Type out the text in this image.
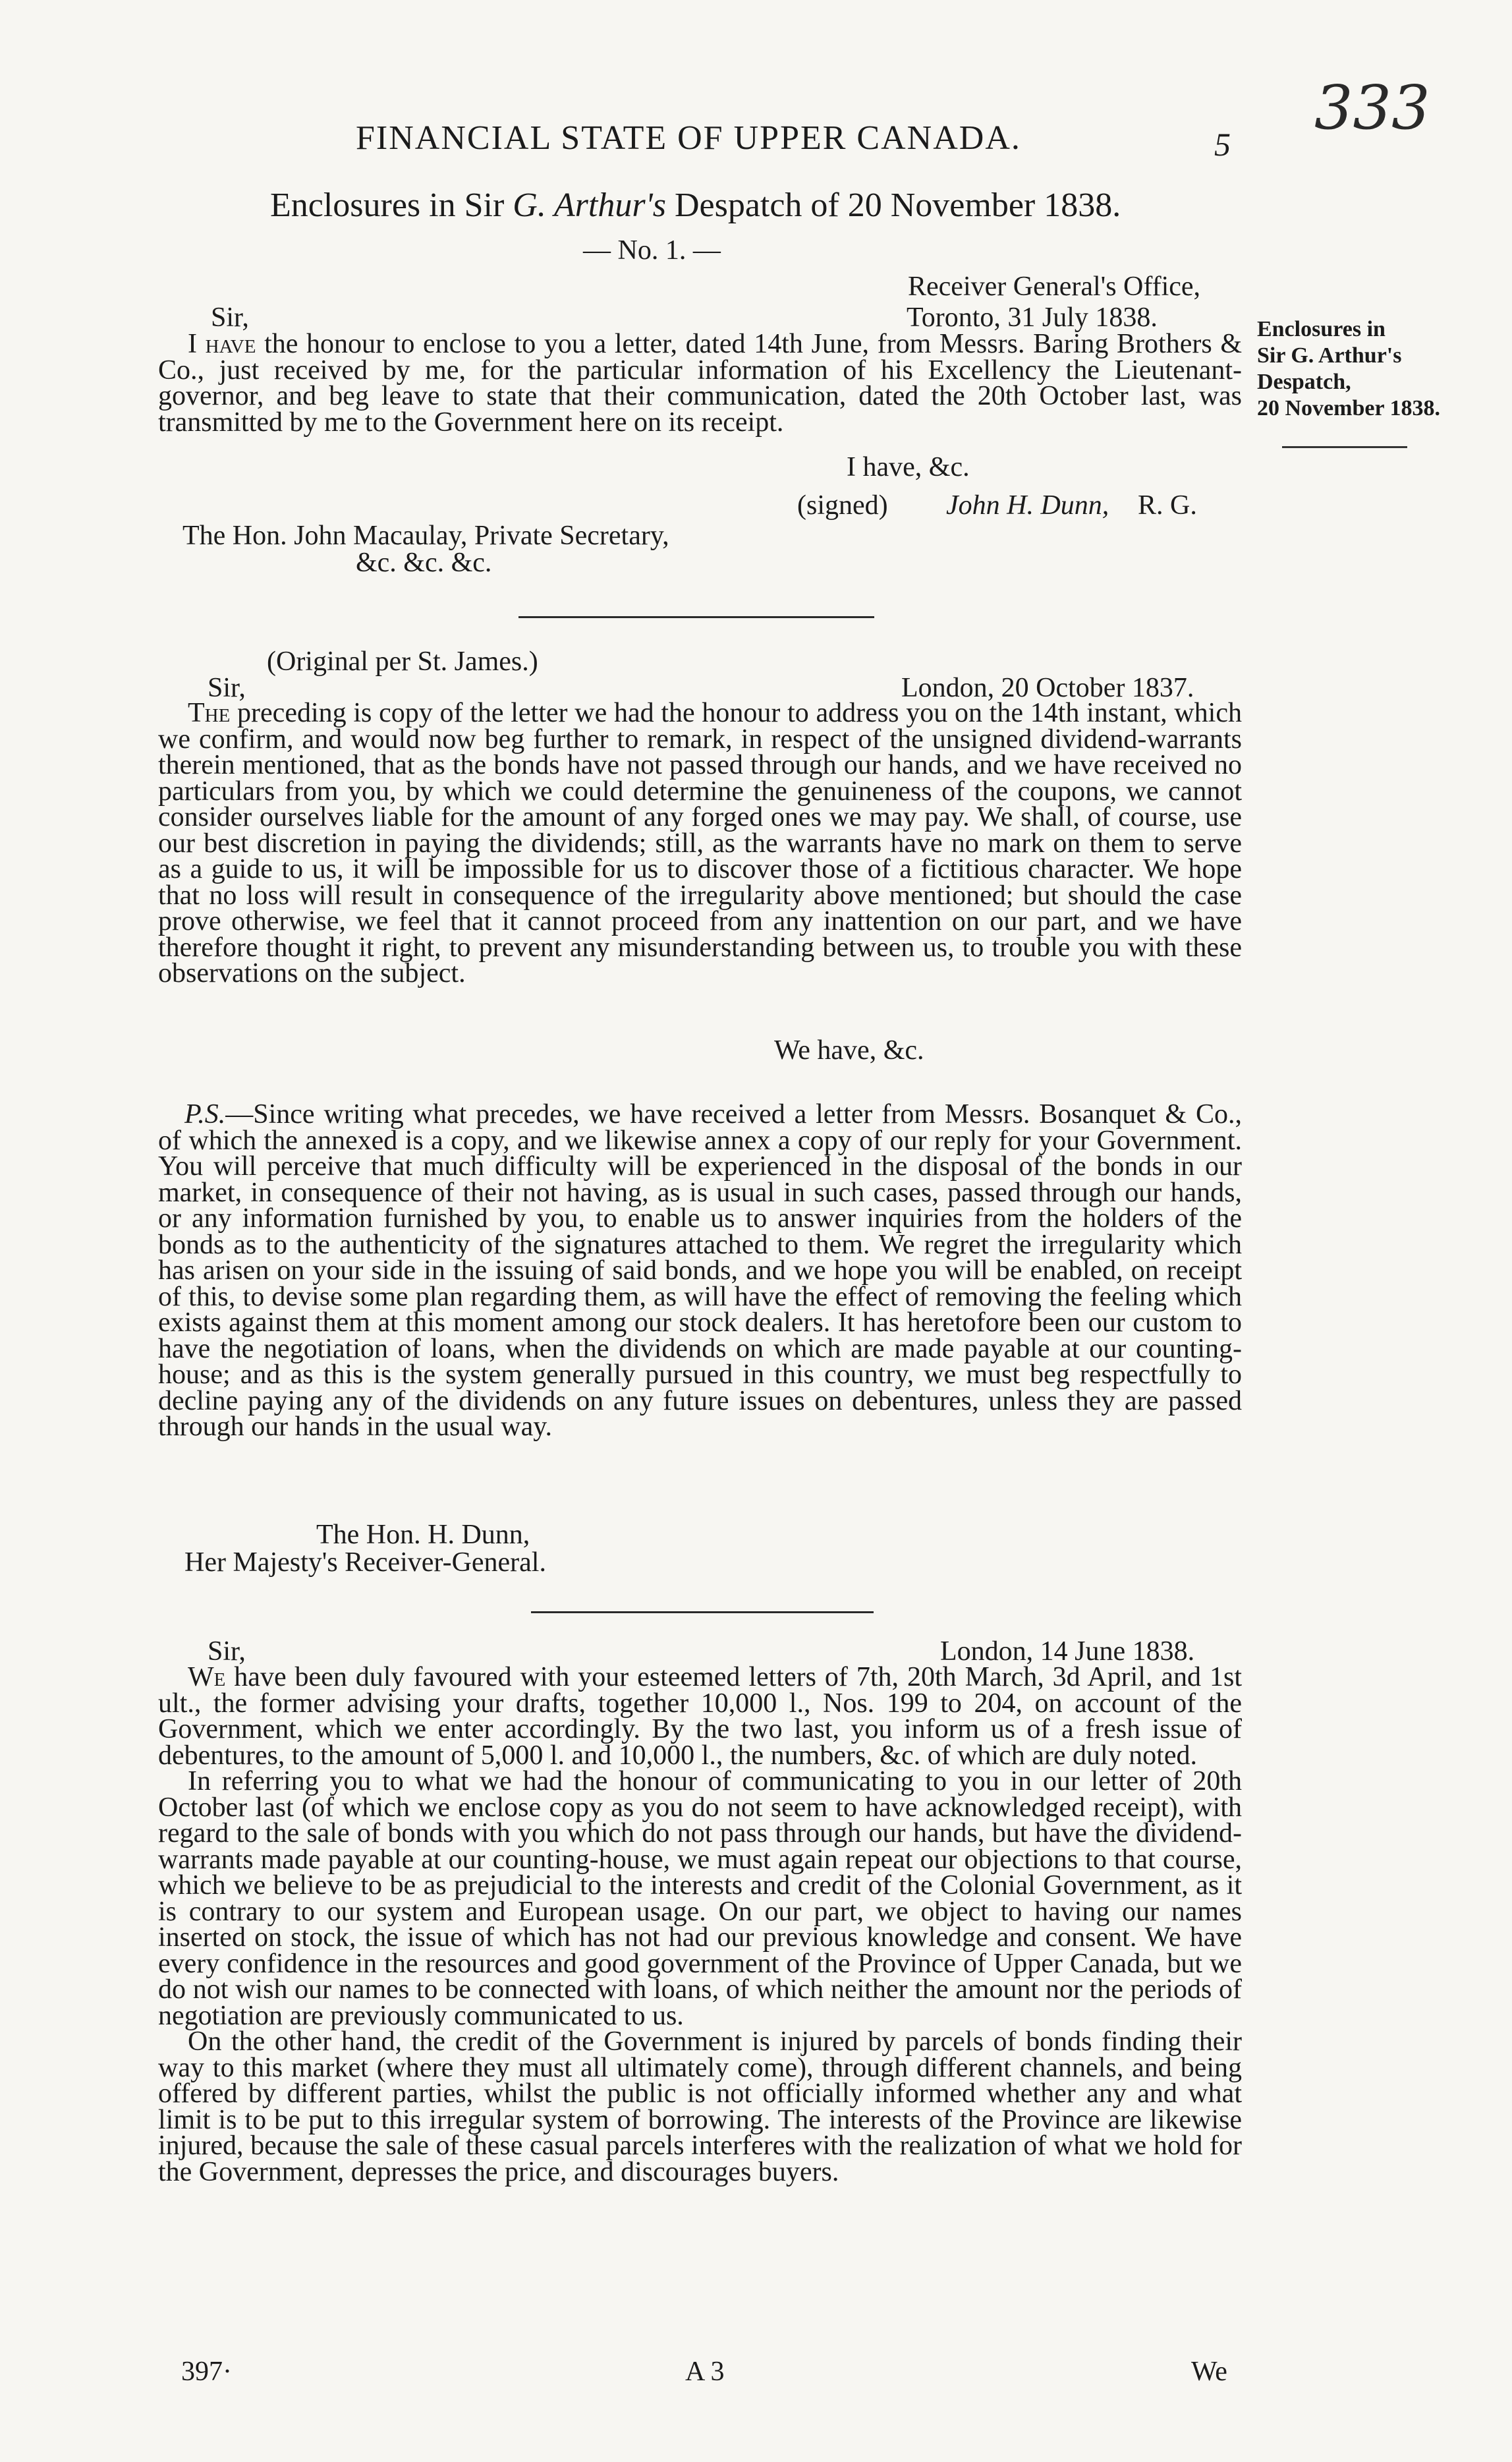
FINANCIAL STATE OF UPPER CANADA.	5
333
Enclosures in Sir G. Arthur's Despatch of 20 November 1838.
— No. 1. —
Enclosures in
Sir G. Arthur's
Despatch,
20 November 1838.
Receiver General's Office,
Sir,	Toronto, 31 July 1838.

I have the honour to enclose to you a letter, dated 14th June, from Messrs. Baring Brothers & Co., just received by me, for the particular information of his Excellency the Lieutenant-governor, and beg leave to state that their communication, dated the 20th October last, was transmitted by me to the Government here on its receipt.

I have, &c.
(signed) John H. Dunn, R. G.
The Hon. John Macaulay, Private Secretary,
&c. &c. &c.
(Original per St. James.)
Sir,	London, 20 October 1837.

The preceding is copy of the letter we had the honour to address you on the 14th instant, which we confirm, and would now beg further to remark, in respect of the unsigned dividend-warrants therein mentioned, that as the bonds have not passed through our hands, and we have received no particulars from you, by which we could determine the genuineness of the coupons, we cannot consider ourselves liable for the amount of any forged ones we may pay. We shall, of course, use our best discretion in paying the dividends; still, as the warrants have no mark on them to serve as a guide to us, it will be impossible for us to discover those of a fictitious character. We hope that no loss will result in consequence of the irregularity above mentioned; but should the case prove otherwise, we feel that it cannot proceed from any inattention on our part, and we have therefore thought it right, to prevent any misunderstanding between us, to trouble you with these observations on the subject.

We have, &c.

P.S.—Since writing what precedes, we have received a letter from Messrs. Bosanquet & Co., of which the annexed is a copy, and we likewise annex a copy of our reply for your Government. You will perceive that much difficulty will be experienced in the disposal of the bonds in our market, in consequence of their not having, as is usual in such cases, passed through our hands, or any information furnished by you, to enable us to answer inquiries from the holders of the bonds as to the authenticity of the signatures attached to them. We regret the irregularity which has arisen on your side in the issuing of said bonds, and we hope you will be enabled, on receipt of this, to devise some plan regarding them, as will have the effect of removing the feeling which exists against them at this moment among our stock dealers. It has heretofore been our custom to have the negotiation of loans, when the dividends on which are made payable at our counting-house; and as this is the system generally pursued in this country, we must beg respectfully to decline paying any of the dividends on any future issues on debentures, unless they are passed through our hands in the usual way.

The Hon. H. Dunn,
Her Majesty's Receiver-General.
Sir,	London, 14 June 1838.

We have been duly favoured with your esteemed letters of 7th, 20th March, 3d April, and 1st ult., the former advising your drafts, together 10,000 l., Nos. 199 to 204, on account of the Government, which we enter accordingly. By the two last, you inform us of a fresh issue of debentures, to the amount of 5,000 l. and 10,000 l., the numbers, &c. of which are duly noted.

In referring you to what we had the honour of communicating to you in our letter of 20th October last (of which we enclose copy as you do not seem to have acknowledged receipt), with regard to the sale of bonds with you which do not pass through our hands, but have the dividend-warrants made payable at our counting-house, we must again repeat our objections to that course, which we believe to be as prejudicial to the interests and credit of the Colonial Government, as it is contrary to our system and European usage. On our part, we object to having our names inserted on stock, the issue of which has not had our previous knowledge and consent. We have every confidence in the resources and good government of the Province of Upper Canada, but we do not wish our names to be connected with loans, of which neither the amount nor the periods of negotiation are previously communicated to us.

On the other hand, the credit of the Government is injured by parcels of bonds finding their way to this market (where they must all ultimately come), through different channels, and being offered by different parties, whilst the public is not officially informed whether any and what limit is to be put to this irregular system of borrowing. The interests of the Province are likewise injured, because the sale of these casual parcels interferes with the realization of what we hold for the Government, depresses the price, and discourages buyers.

397·	A 3	We
